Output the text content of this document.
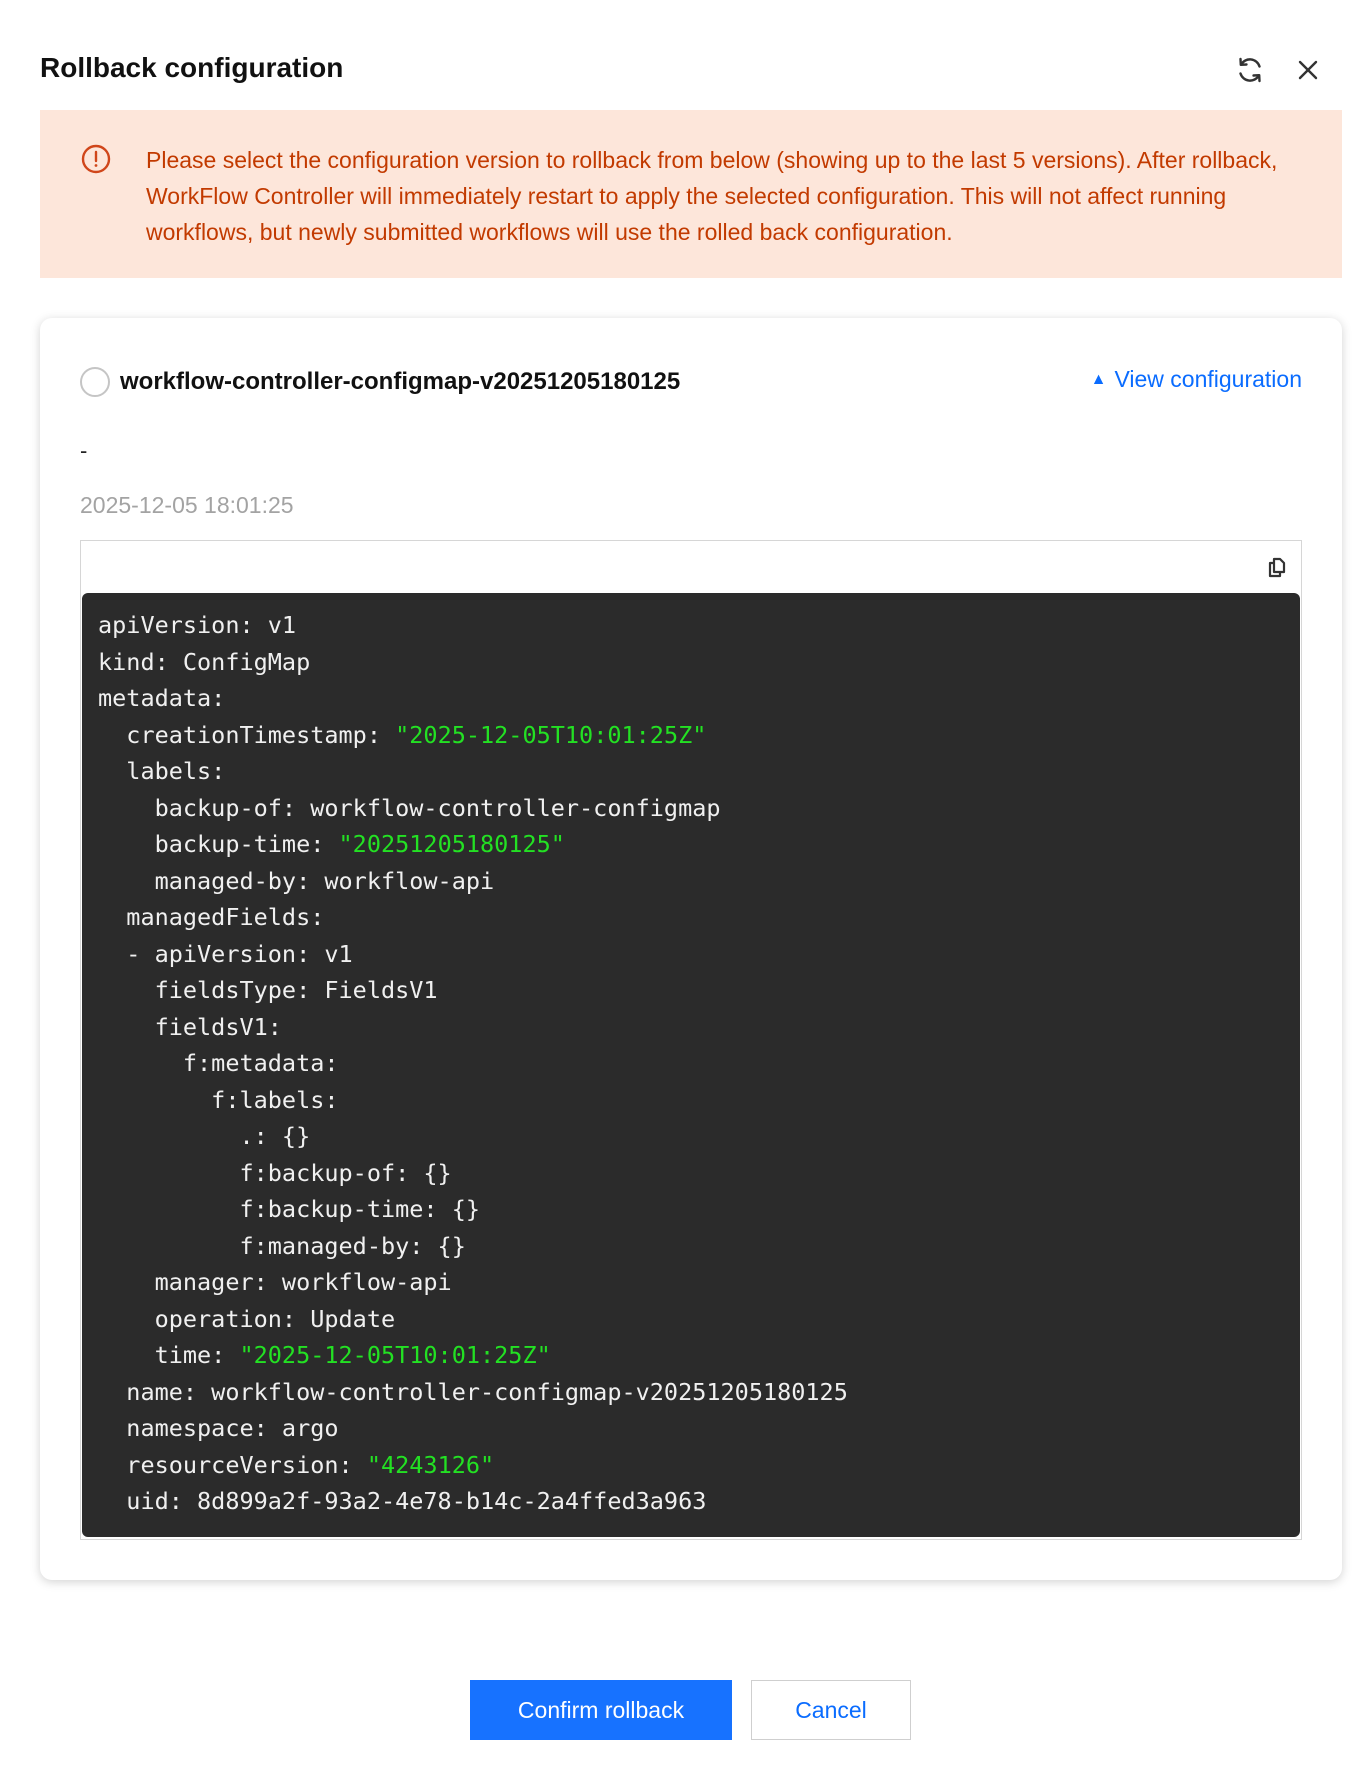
Rollback configuration
Please select the configuration version to rollback from below (showing up to the last 5 versions). After rollback, WorkFlow Controller will immediately restart to apply the selected configuration. This will not affect running workflows, but newly submitted workflows will use the rolled back configuration.
workflow-controller-configmap-v20251205180125	▲ View configuration
-
2025-12-05 18:01:25
apiVersion: v1
kind: ConfigMap
metadata:
creationTimestamp: "2025-12-05T10:01:25Z"
labels:
backup-of: workflow-controller-configmap
backup-time: "20251205180125"
managed-by: workflow-api
managedFields:
- apiVersion: v1
fieldsType: FieldsV1
fieldsV1:
f:metadata:
f:labels:
.: {}
f:backup-of: {}
f:backup-time: {}
f:managed-by: {}
manager: workflow-api
operation: Update
time: "2025-12-05T10:01:25Z"
name: workflow-controller-configmap-v20251205180125
namespace: argo
resourceVersion: "4243126"
uid: 8d899a2f-93a2-4e78-b14c-2a4ffed3a963
Confirm rollback	Cancel
